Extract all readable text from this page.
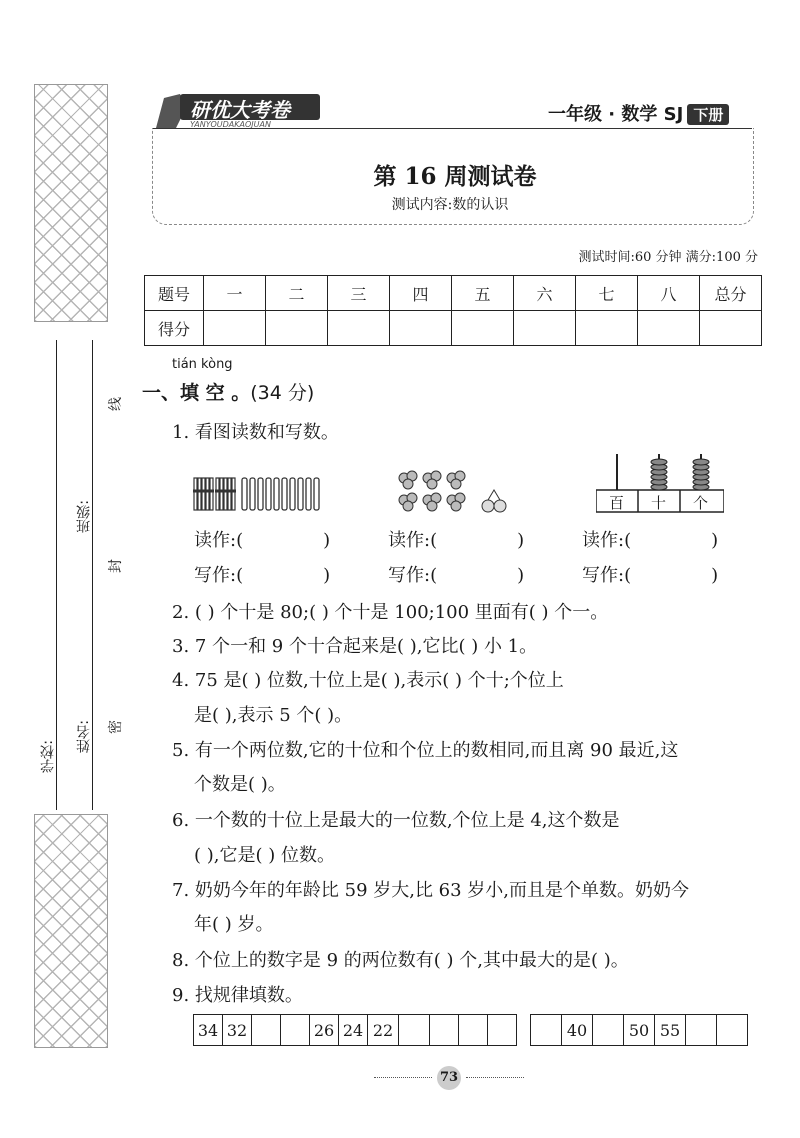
学校:
姓名:
班级:
线
封
密
研优大考卷
YANYOUDAKAOJUAN	一年级 · 数学 SJ 下册
第 16 周测试卷
测试内容:数的认识
测试时间:60 分钟 满分:100 分
题号	一	二	三	四	五	六	七	八	总分
得分									
tián kòng
一、填 空 。(34 分)
1. 看图读数和写数。
百 十 个
读作:(	)	读作:(	)	读作:(	)
写作:(	)	写作:(	)	写作:(	)
2. ( ) 个十是 80;( ) 个十是 100;100 里面有( ) 个一。
3. 7 个一和 9 个十合起来是( ),它比( ) 小 1。
4. 75 是( ) 位数,十位上是( ),表示( ) 个十;个位上
是( ),表示 5 个( )。
5. 有一个两位数,它的十位和个位上的数相同,而且离 90 最近,这
个数是( )。
6. 一个数的十位上是最大的一位数,个位上是 4,这个数是
( ),它是( ) 位数。
7. 奶奶今年的年龄比 59 岁大,比 63 岁小,而且是个单数。奶奶今
年( ) 岁。
8. 个位上的数字是 9 的两位数有( ) 个,其中最大的是( )。
9. 找规律填数。
34	32			26	24	22				
		40		50	55		
73
